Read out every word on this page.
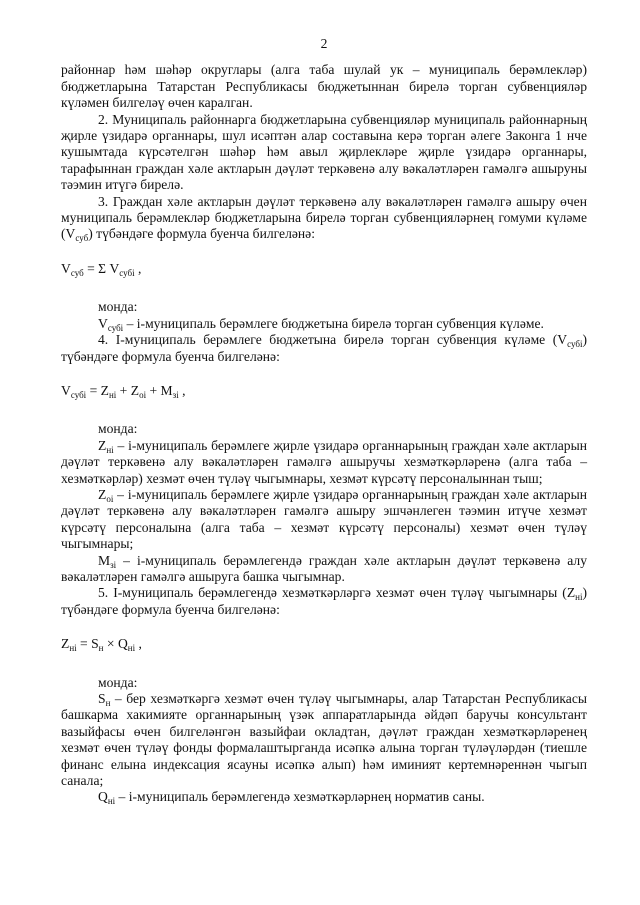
2

районнар һәм шәһәр округлары (алга таба шулай ук – муниципаль берәмлекләр) бюджетларына Татарстан Республикасы бюджетыннан бирелә торган субвенцияләр күләмен билгеләү өчен каралган.

2. Муниципаль районнарга бюджетларына субвенцияләр муниципаль районнарның җирле үзидарә органнары, шул исәптән алар составына керә торган әлеге Законга 1 нче кушымтада күрсәтелгән шәһәр һәм авыл җирлекләре җирле үзидарә органнары, тарафыннан граждан хәле актларын дәүләт теркәвенә алу вәкаләтләрен гамәлгә ашыруны тәэмин итүгә бирелә.

3. Граждан хәле актларын дәүләт теркәвенә алу вәкаләтләрен гамәлгә ашыру өчен муниципаль берәмлекләр бюджетларына бирелә торган субвенцияләрнең гомуми күләме $(V_{суб})$ түбәндәге формула буенча билгеләнә:

$V_{суб} = \Sigma$ $V_{субi}$ ,

монда:

$V_{субi}$ – i-муниципаль берәмлеге бюджетына бирелә торган субвенция күләме.

4. I-муниципаль берәмлеге бюджетына бирелә торган субвенция күләме $(V_{субi})$ түбәндәге формула буенча билгеләнә:

$V_{субi} = Z_{нi} + Z_{оi} + M_{зi}$ ,

монда:

$Z_{нi}$ – i-муниципаль берәмлеге җирле үзидарә органнарының граждан хәле актларын дәүләт теркәвенә алу вәкаләтләрен гамәлгә ашыручы хезмәткәрләренә (алга таба – хезмәткәрләр) хезмәт өчен түләү чыгымнары, хезмәт күрсәтү персоналыннан тыш;

$Z_{оi}$ – i-муниципаль берәмлеге җирле үзидарә органнарының граждан хәле актларын дәүләт теркәвенә алу вәкаләтләрен гамәлгә ашыру эшчәнлеген тәэмин итүче хезмәт күрсәтү персоналына (алга таба – хезмәт күрсәтү персоналы) хезмәт өчен түләү чыгымнары;

$M_{зi}$ – i-муниципаль берәмлегендә граждан хәле актларын дәүләт теркәвенә алу вәкаләтләрен гамәлгә ашыруга башка чыгымнар.

5. I-муниципаль берәмлегендә хезмәткәрләргә хезмәт өчен түләү чыгымнары $(Z_{нi})$ түбәндәге формула буенча билгеләнә:

$Z_{нi} = S_н \times Q_{нi}$ ,

монда:

$S_н$ – бер хезмәткәргә хезмәт өчен түләү чыгымнары, алар Татарстан Республикасы башкарма хакимияте органнарының үзәк аппаратларында әйдәп баручы консультант вазыйфасы өчен билгеләнгән вазыйфаи окладтан, дәүләт граждан хезмәткәрләренең хезмәт өчен түләү фонды формалаштырганда исәпкә алына торган түләүләрдән (тиешле финанс елына индексация ясауны исәпкә алып) һәм иминият кертемнәреннән чыгып санала;

$Q_{нi}$ – i-муниципаль берәмлегендә хезмәткәрләрнең норматив саны.
